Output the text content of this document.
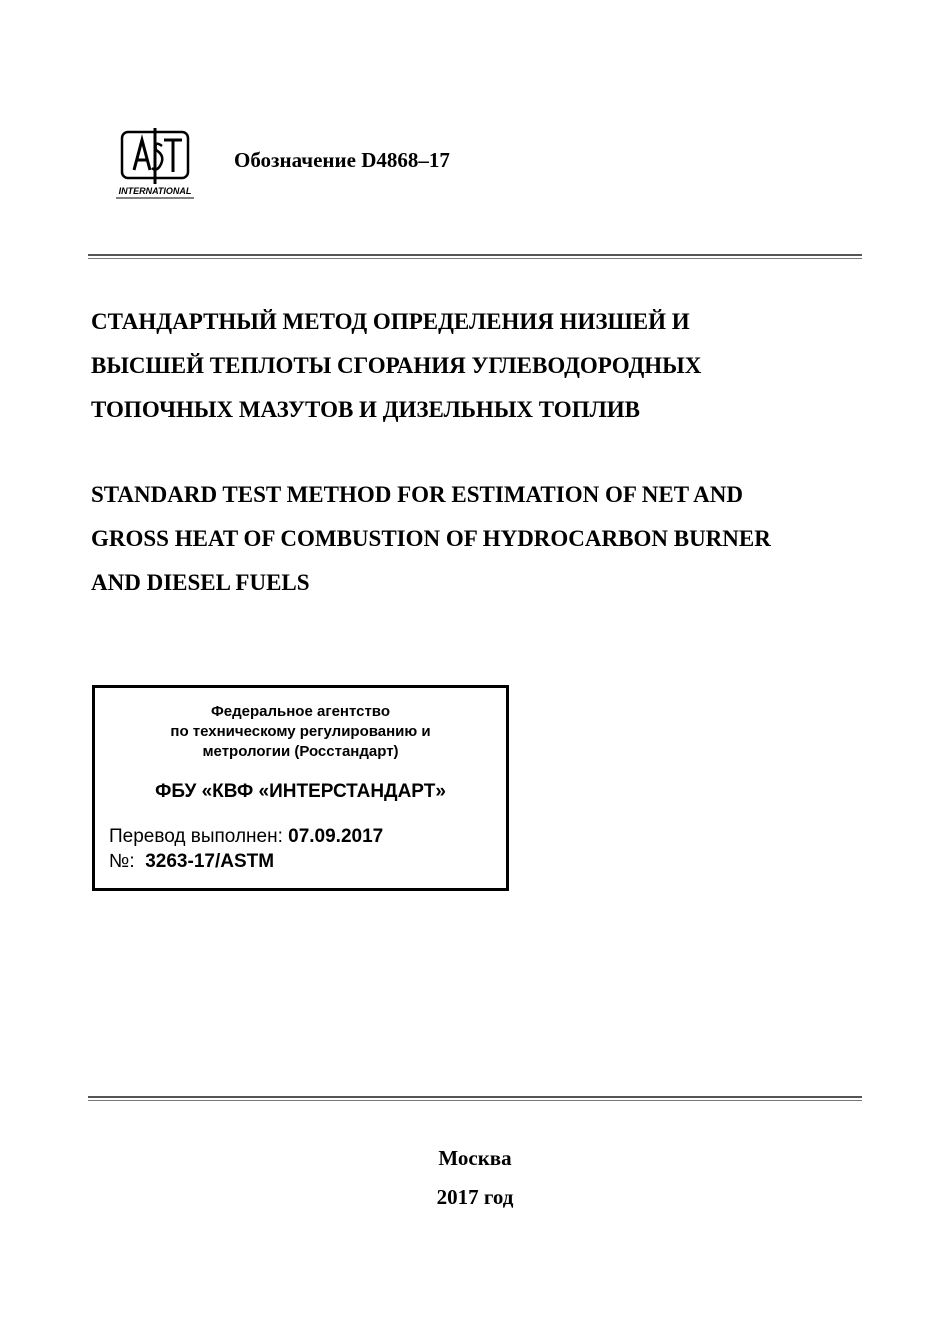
INTERNATIONAL
Обозначение D4868–17
СТАНДАРТНЫЙ МЕТОД ОПРЕДЕЛЕНИЯ НИЗШЕЙ И
ВЫСШЕЙ ТЕПЛОТЫ СГОРАНИЯ УГЛЕВОДОРОДНЫХ
ТОПОЧНЫХ МАЗУТОВ И ДИЗЕЛЬНЫХ ТОПЛИВ
STANDARD TEST METHOD FOR ESTIMATION OF NET AND
GROSS HEAT OF COMBUSTION OF HYDROCARBON BURNER
AND DIESEL FUELS
Федеральное агентство
по техническому регулированию и
метрологии (Росстандарт)
ФБУ «КВФ «ИНТЕРСТАНДАРТ»
Перевод выполнен: 07.09.2017
№: 3263-17/ASTM
Москва
2017 год
